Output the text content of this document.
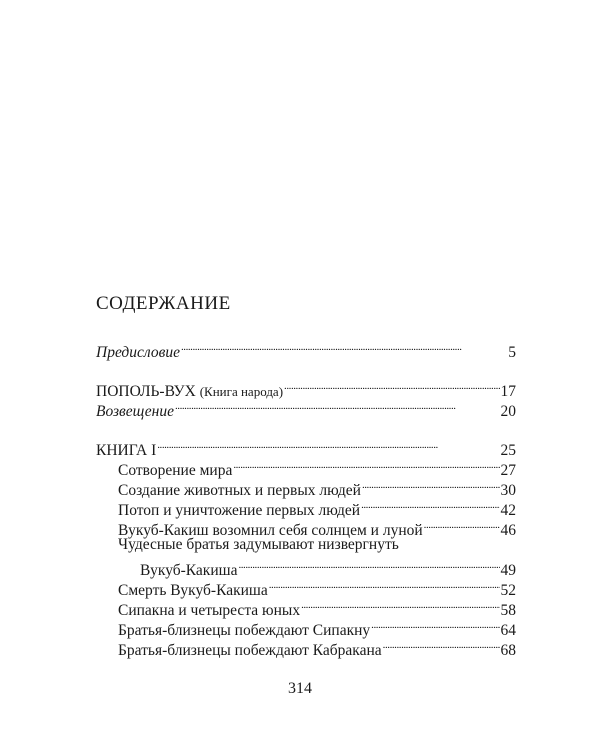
СОДЕРЖАНИЕ
Предисловие . . .	5
ПОПОЛЬ-ВУХ (Книга народа) . . .	17
Возвещение . . .	20
КНИГА I . . .	25
Сотворение мира . . .	27
Создание животных и первых людей . . .	30
Потоп и уничтожение первых людей . . .	42
Вукуб-Какиш возомнил себя солнцем и луной . . .	46
Чудесные братья задумывают низвергнуть
Вукуб-Какиша . . .	49
Смерть Вукуб-Какиша . . .	52
Сипакна и четыреста юных . . .	58
Братья-близнецы побеждают Сипакну . . .	64
Братья-близнецы побеждают Кабракана . . .	68
314
